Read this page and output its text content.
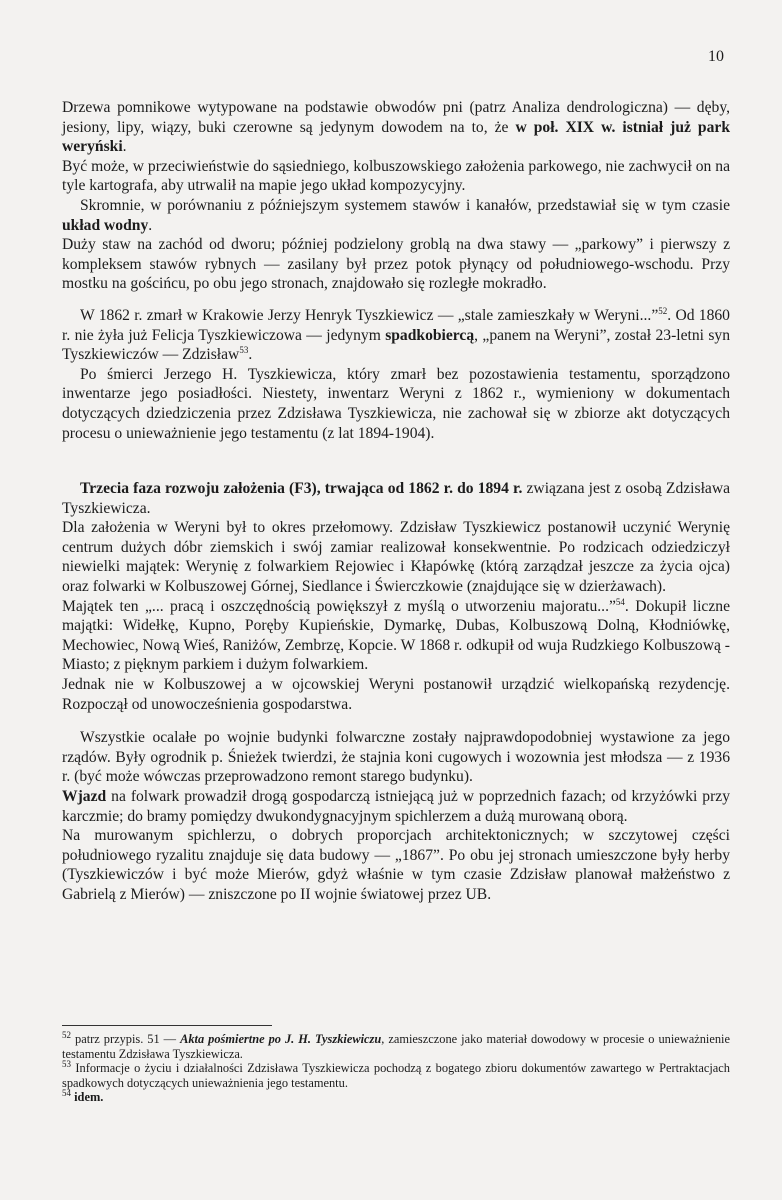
10

Drzewa pomnikowe wytypowane na podstawie obwodów pni (patrz Analiza dendrologiczna) — dęby, jesiony, lipy, wiązy, buki czerowne są jedynym dowodem na to, że w poł. XIX w. istniał już park weryński.

Być może, w przeciwieństwie do sąsiedniego, kolbuszowskiego założenia parkowego, nie zachwycił on na tyle kartografa, aby utrwalił na mapie jego układ kompozycyjny.

Skromnie, w porównaniu z późniejszym systemem stawów i kanałów, przedstawiał się w tym czasie układ wodny.

Duży staw na zachód od dworu; później podzielony groblą na dwa stawy — „parkowy” i pierwszy z kompleksem stawów rybnych — zasilany był przez potok płynący od południowego-wschodu. Przy mostku na gościńcu, po obu jego stronach, znajdowało się rozległe mokradło.

W 1862 r. zmarł w Krakowie Jerzy Henryk Tyszkiewicz — „stale zamieszkały w Weryni...”$^{52}$. Od 1860 r. nie żyła już Felicja Tyszkiewiczowa — jedynym spadkobiercą, „panem na Weryni”, został 23-letni syn Tyszkiewiczów — Zdzisław$^{53}$.

Po śmierci Jerzego H. Tyszkiewicza, który zmarł bez pozostawienia testamentu, sporządzono inwentarze jego posiadłości. Niestety, inwentarz Weryni z 1862 r., wymieniony w dokumentach dotyczących dziedziczenia przez Zdzisława Tyszkiewicza, nie zachował się w zbiorze akt dotyczących procesu o unieważnienie jego testamentu (z lat 1894-1904).

Trzecia faza rozwoju założenia (F3), trwająca od 1862 r. do 1894 r. związana jest z osobą Zdzisława Tyszkiewicza.

Dla założenia w Weryni był to okres przełomowy. Zdzisław Tyszkiewicz postanowił uczynić Werynię centrum dużych dóbr ziemskich i swój zamiar realizował konsekwentnie. Po rodzicach odziedziczył niewielki majątek: Werynię z folwarkiem Rejowiec i Kłapówkę (którą zarządzał jeszcze za życia ojca) oraz folwarki w Kolbuszowej Górnej, Siedlance i Świerczkowie (znajdujące się w dzierżawach).

Majątek ten „... pracą i oszczędnością powiększył z myślą o utworzeniu majoratu...”$^{54}$. Dokupił liczne majątki: Widełkę, Kupno, Poręby Kupieńskie, Dymarkę, Dubas, Kolbuszową Dolną, Kłodniówkę, Mechowiec, Nową Wieś, Raniżów, Zembrzę, Kopcie. W 1868 r. odkupił od wuja Rudzkiego Kolbuszową - Miasto; z pięknym parkiem i dużym folwarkiem.

Jednak nie w Kolbuszowej a w ojcowskiej Weryni postanowił urządzić wielkopańską rezydencję. Rozpoczął od unowocześnienia gospodarstwa.

Wszystkie ocalałe po wojnie budynki folwarczne zostały najprawdopodobniej wystawione za jego rządów. Były ogrodnik p. Śnieżek twierdzi, że stajnia koni cugowych i wozownia jest młodsza — z 1936 r. (być może wówczas przeprowadzono remont starego budynku).

Wjazd na folwark prowadził drogą gospodarczą istniejącą już w poprzednich fazach; od krzyżówki przy karczmie; do bramy pomiędzy dwukondygnacyjnym spichlerzem a dużą murowaną oborą.

Na murowanym spichlerzu, o dobrych proporcjach architektonicznych; w szczytowej części południowego ryzalitu znajduje się data budowy — „1867”. Po obu jej stronach umieszczone były herby (Tyszkiewiczów i być może Mierów, gdyż właśnie w tym czasie Zdzisław planował małżeństwo z Gabrielą z Mierów) — zniszczone po II wojnie światowej przez UB.

$^{52}$ patrz przypis. 51 — Akta pośmiertne po J. H. Tyszkiewiczu, zamieszczone jako materiał dowodowy w procesie o unieważnienie testamentu Zdzisława Tyszkiewicza.

$^{53}$ Informacje o życiu i działalności Zdzisława Tyszkiewicza pochodzą z bogatego zbioru dokumentów zawartego w Pertraktacjach spadkowych dotyczących unieważnienia jego testamentu.

$^{54}$ idem.
